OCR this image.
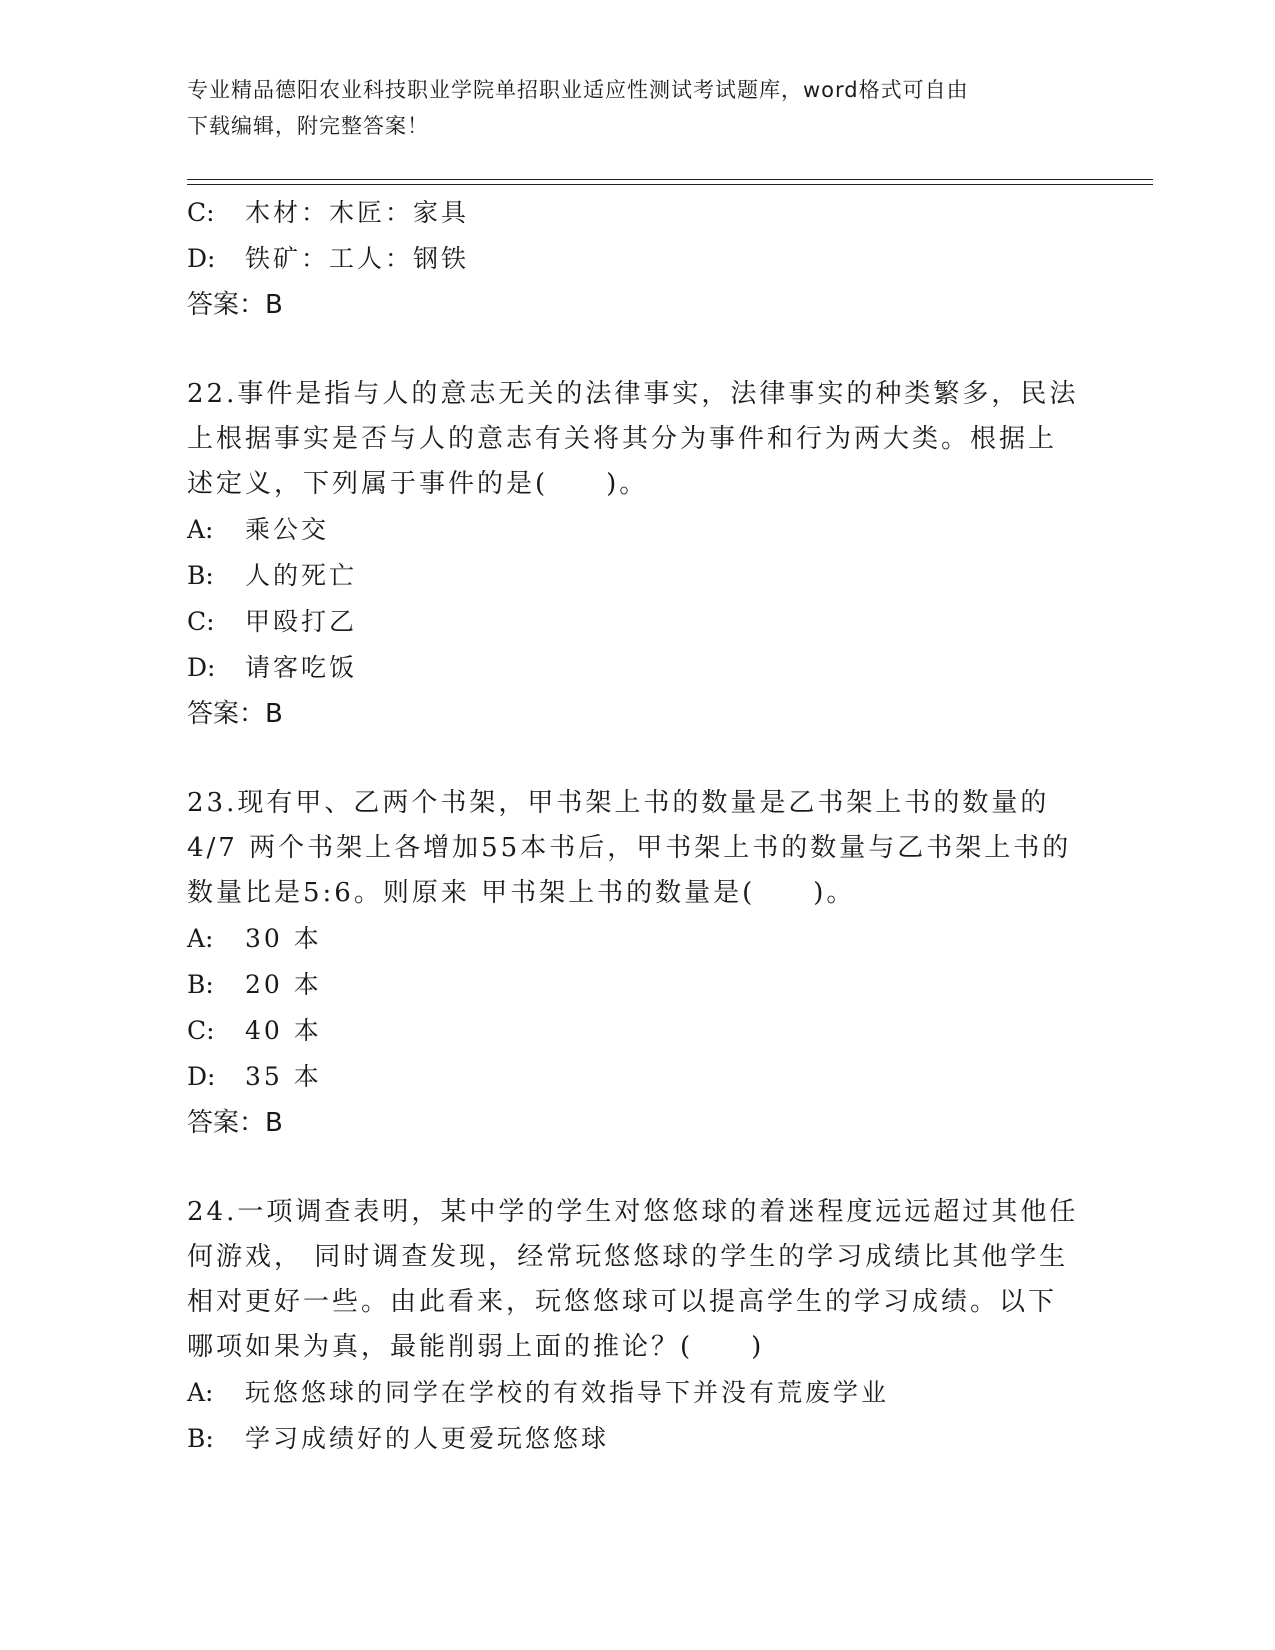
专业精品德阳农业科技职业学院单招职业适应性测试考试题库，word格式可自由
下载编辑，附完整答案！
C: 木材：木匠：家具
D: 铁矿：工人：钢铁
答案：B
22.事件是指与人的意志无关的法律事实，法律事实的种类繁多，民法
上根据事实是否与人的意志有关将其分为事件和行为两大类。根据上
述定义，下列属于事件的是(　　)。
A: 乘公交
B: 人的死亡
C: 甲殴打乙
D: 请客吃饭
答案：B
23.现有甲、乙两个书架，甲书架上书的数量是乙书架上书的数量的
4/7 两个书架上各增加55本书后，甲书架上书的数量与乙书架上书的
数量比是5:6。则原来 甲书架上书的数量是(　　)。
A: 30 本
B: 20 本
C: 40 本
D: 35 本
答案：B
24.一项调查表明，某中学的学生对悠悠球的着迷程度远远超过其他任
何游戏， 同时调查发现，经常玩悠悠球的学生的学习成绩比其他学生
相对更好一些。由此看来，玩悠悠球可以提高学生的学习成绩。以下
哪项如果为真，最能削弱上面的推论？(　　)
A: 玩悠悠球的同学在学校的有效指导下并没有荒废学业
B: 学习成绩好的人更爱玩悠悠球
